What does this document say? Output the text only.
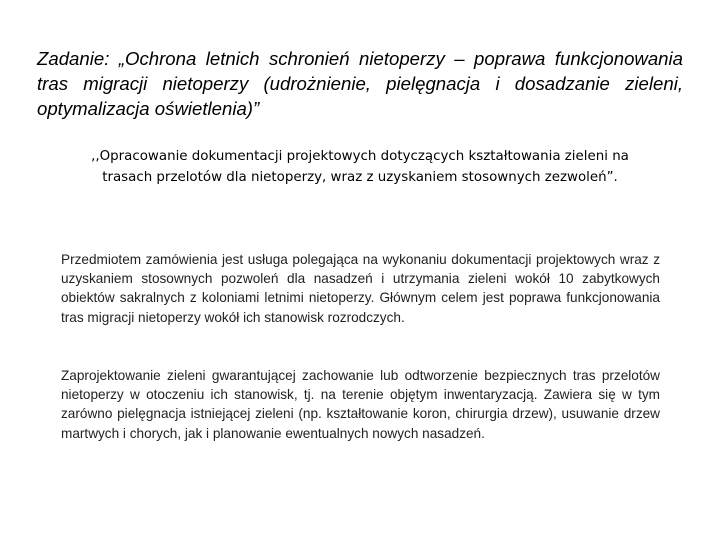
Zadanie: „Ochrona letnich schronień nietoperzy – poprawa funkcjonowania tras migracji nietoperzy (udrożnienie, pielęgnacja i dosadzanie zieleni, optymalizacja oświetlenia)”

,,Opracowanie dokumentacji projektowych dotyczących kształtowania zieleni na trasach przelotów dla nietoperzy, wraz z uzyskaniem stosownych zezwoleń”.

Przedmiotem zamówienia jest usługa polegająca na wykonaniu dokumentacji projektowych wraz z uzyskaniem stosownych pozwoleń dla nasadzeń i utrzymania zieleni wokół 10 zabytkowych obiektów sakralnych z koloniami letnimi nietoperzy. Głównym celem jest poprawa funkcjonowania tras migracji nietoperzy wokół ich stanowisk rozrodczych.

Zaprojektowanie zieleni gwarantującej zachowanie lub odtworzenie bezpiecznych tras przelotów nietoperzy w otoczeniu ich stanowisk, tj. na terenie objętym inwentaryzacją. Zawiera się w tym zarówno pielęgnacja istniejącej zieleni (np. kształtowanie koron, chirurgia drzew), usuwanie drzew martwych i chorych, jak i planowanie ewentualnych nowych nasadzeń.
